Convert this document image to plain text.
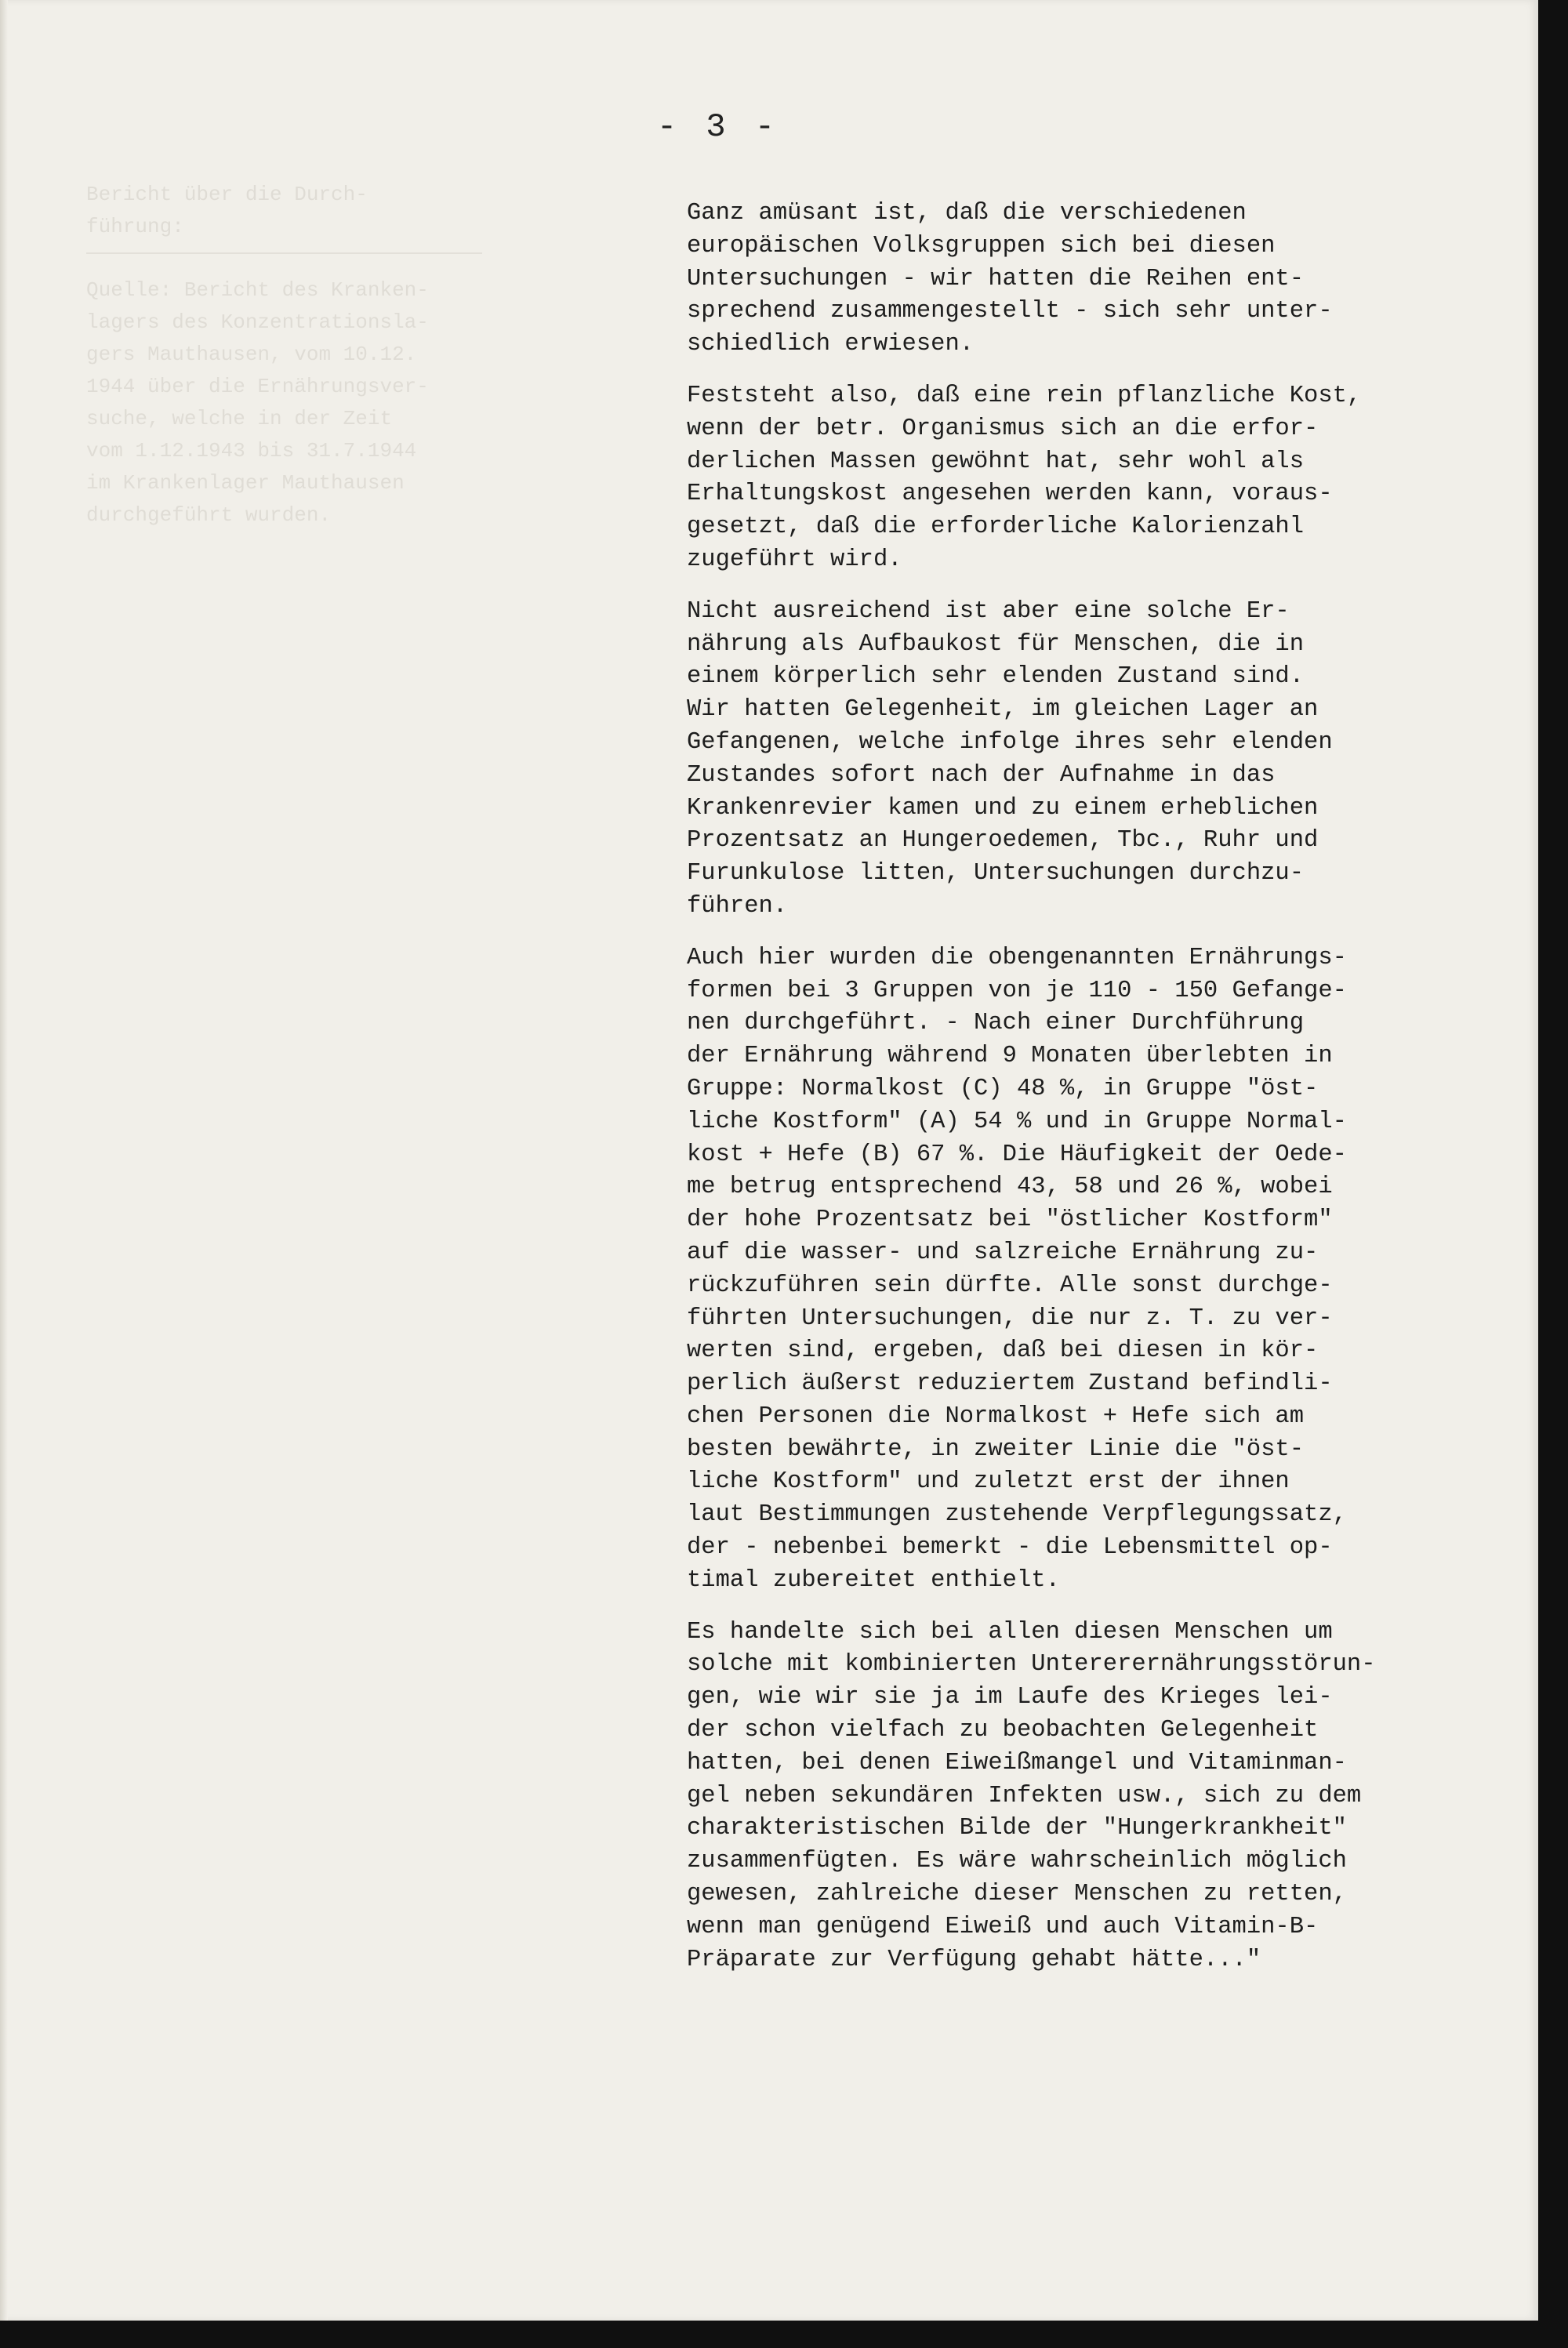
- 3 -
Bericht über die Durch-
führung:
Quelle: Bericht des Kranken-
lagers des Konzentrationsla-
gers Mauthausen, vom 10.12.
1944 über die Ernährungsver-
suche, welche in der Zeit
vom 1.12.1943 bis 31.7.1944
im Krankenlager Mauthausen
durchgeführt wurden.
Ganz amüsant ist, daß die verschiedenen
europäischen Volksgruppen sich bei diesen
Untersuchungen - wir hatten die Reihen ent-
sprechend zusammengestellt - sich sehr unter-
schiedlich erwiesen.
Feststeht also, daß eine rein pflanzliche Kost,
wenn der betr. Organismus sich an die erfor-
derlichen Massen gewöhnt hat, sehr wohl als
Erhaltungskost angesehen werden kann, voraus-
gesetzt, daß die erforderliche Kalorienzahl
zugeführt wird.
Nicht ausreichend ist aber eine solche Er-
nährung als Aufbaukost für Menschen, die in
einem körperlich sehr elenden Zustand sind.
Wir hatten Gelegenheit, im gleichen Lager an
Gefangenen, welche infolge ihres sehr elenden
Zustandes sofort nach der Aufnahme in das
Krankenrevier kamen und zu einem erheblichen
Prozentsatz an Hungeroedemen, Tbc., Ruhr und
Furunkulose litten, Untersuchungen durchzu-
führen.
Auch hier wurden die obengenannten Ernährungs-
formen bei 3 Gruppen von je 110 - 150 Gefange-
nen durchgeführt. - Nach einer Durchführung
der Ernährung während 9 Monaten überlebten in
Gruppe: Normalkost (C) 48 %, in Gruppe "öst-
liche Kostform" (A) 54 % und in Gruppe Normal-
kost + Hefe (B) 67 %. Die Häufigkeit der Oede-
me betrug entsprechend 43, 58 und 26 %, wobei
der hohe Prozentsatz bei "östlicher Kostform"
auf die wasser- und salzreiche Ernährung zu-
rückzuführen sein dürfte. Alle sonst durchge-
führten Untersuchungen, die nur z. T. zu ver-
werten sind, ergeben, daß bei diesen in kör-
perlich äußerst reduziertem Zustand befindli-
chen Personen die Normalkost + Hefe sich am
besten bewährte, in zweiter Linie die "öst-
liche Kostform" und zuletzt erst der ihnen
laut Bestimmungen zustehende Verpflegungssatz,
der - nebenbei bemerkt - die Lebensmittel op-
timal zubereitet enthielt.
Es handelte sich bei allen diesen Menschen um
solche mit kombinierten Untererernährungsstörun-
gen, wie wir sie ja im Laufe des Krieges lei-
der schon vielfach zu beobachten Gelegenheit
hatten, bei denen Eiweißmangel und Vitaminman-
gel neben sekundären Infekten usw., sich zu dem
charakteristischen Bilde der "Hungerkrankheit"
zusammenfügten. Es wäre wahrscheinlich möglich
gewesen, zahlreiche dieser Menschen zu retten,
wenn man genügend Eiweiß und auch Vitamin-B-
Präparate zur Verfügung gehabt hätte..."
